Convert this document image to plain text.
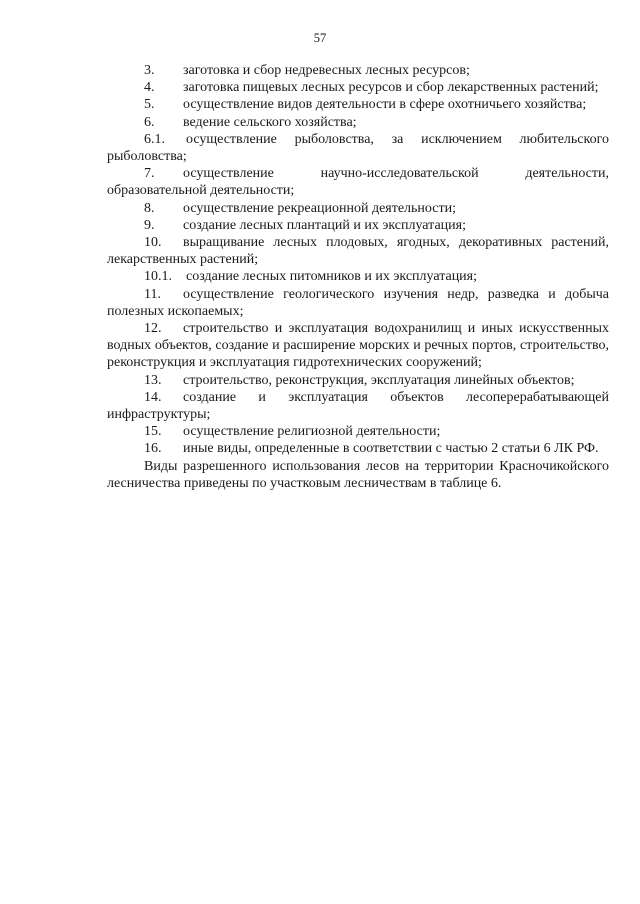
57

3. заготовка и сбор недревесных лесных ресурсов;

4. заготовка пищевых лесных ресурсов и сбор лекарственных растений;

5. осуществление видов деятельности в сфере охотничьего хозяйства;

6. ведение сельского хозяйства;

6.1. осуществление рыболовства, за исключением любительского рыболовства;

7. осуществление научно-исследовательской деятельности, образовательной деятельности;

8. осуществление рекреационной деятельности;

9. создание лесных плантаций и их эксплуатация;

10. выращивание лесных плодовых, ягодных, декоративных растений, лекарственных растений;

10.1. создание лесных питомников и их эксплуатация;

11. осуществление геологического изучения недр, разведка и добыча полезных ископаемых;

12. строительство и эксплуатация водохранилищ и иных искусственных водных объектов, создание и расширение морских и речных портов, строительство, реконструкция и эксплуатация гидротехнических сооружений;

13. строительство, реконструкция, эксплуатация линейных объектов;

14. создание и эксплуатация объектов лесоперерабатывающей инфраструктуры;

15. осуществление религиозной деятельности;

16. иные виды, определенные в соответствии с частью 2 статьи 6 ЛК РФ.

Виды разрешенного использования лесов на территории Красночикойского лесничества приведены по участковым лесничествам в таблице 6.
